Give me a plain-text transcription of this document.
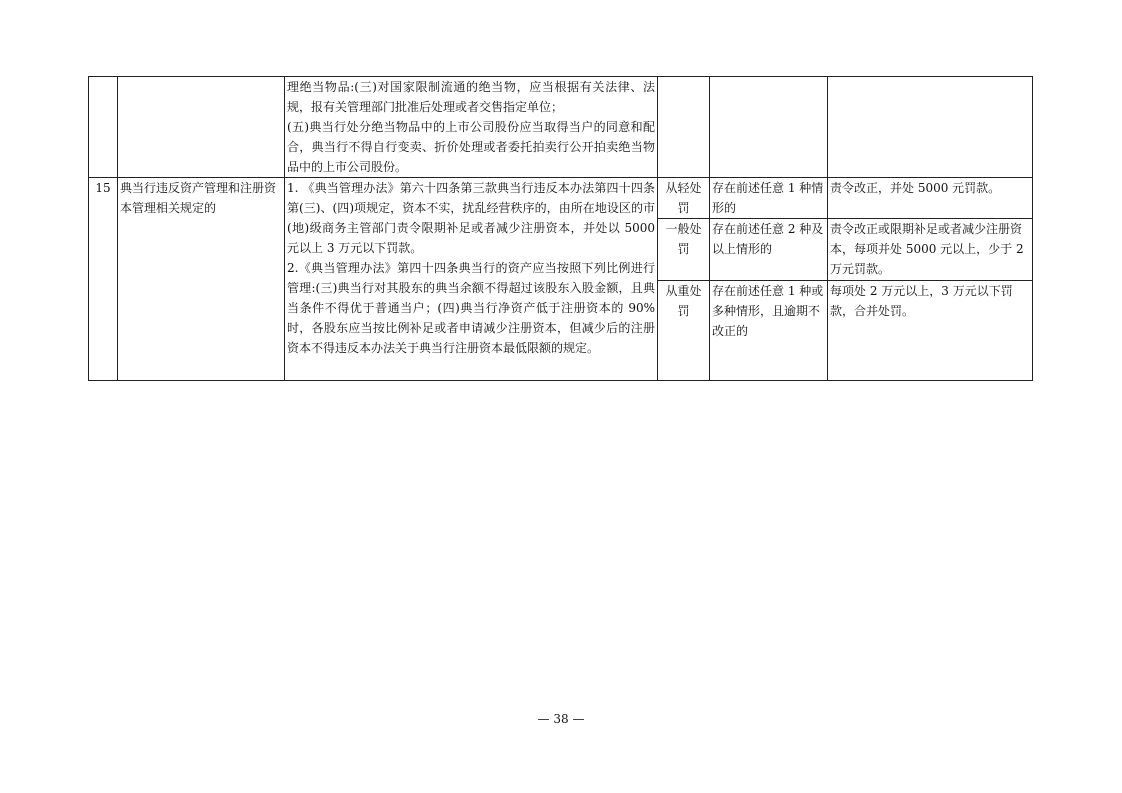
		理绝当物品:(三)对国家限制流通的绝当物，应当根据有关法律、法规，报有关管理部门批准后处理或者交售指定单位；
(五)典当行处分绝当物品中的上市公司股份应当取得当户的同意和配合，典当行不得自行变卖、折价处理或者委托拍卖行公开拍卖绝当物品中的上市公司股份。			

15	典当行违反资产管理和注册资本管理相关规定的	1. 《典当管理办法》第六十四条第三款典当行违反本办法第四十四条第(三)、(四)项规定，资本不实，扰乱经营秩序的，由所在地设区的市(地)级商务主管部门责令限期补足或者减少注册资本，并处以 5000 元以上 3 万元以下罚款。
2.《典当管理办法》第四十四条典当行的资产应当按照下列比例进行管理:(三)典当行对其股东的典当余额不得超过该股东入股金额，且典当条件不得优于普通当户；(四)典当行净资产低于注册资本的 90%时，各股东应当按比例补足或者申请减少注册资本，但减少后的注册资本不得违反本办法关于典当行注册资本最低限额的规定。	从轻处罚	存在前述任意 1 种情形的	责令改正，并处 5000 元罚款。
			一般处罚	存在前述任意 2 种及以上情形的	责令改正或限期补足或者减少注册资本，每项并处 5000 元以上，少于 2 万元罚款。
			从重处罚	存在前述任意 1 种或多种情形，且逾期不改正的	每项处 2 万元以上，3 万元以下罚款，合并处罚。
— 38 —
